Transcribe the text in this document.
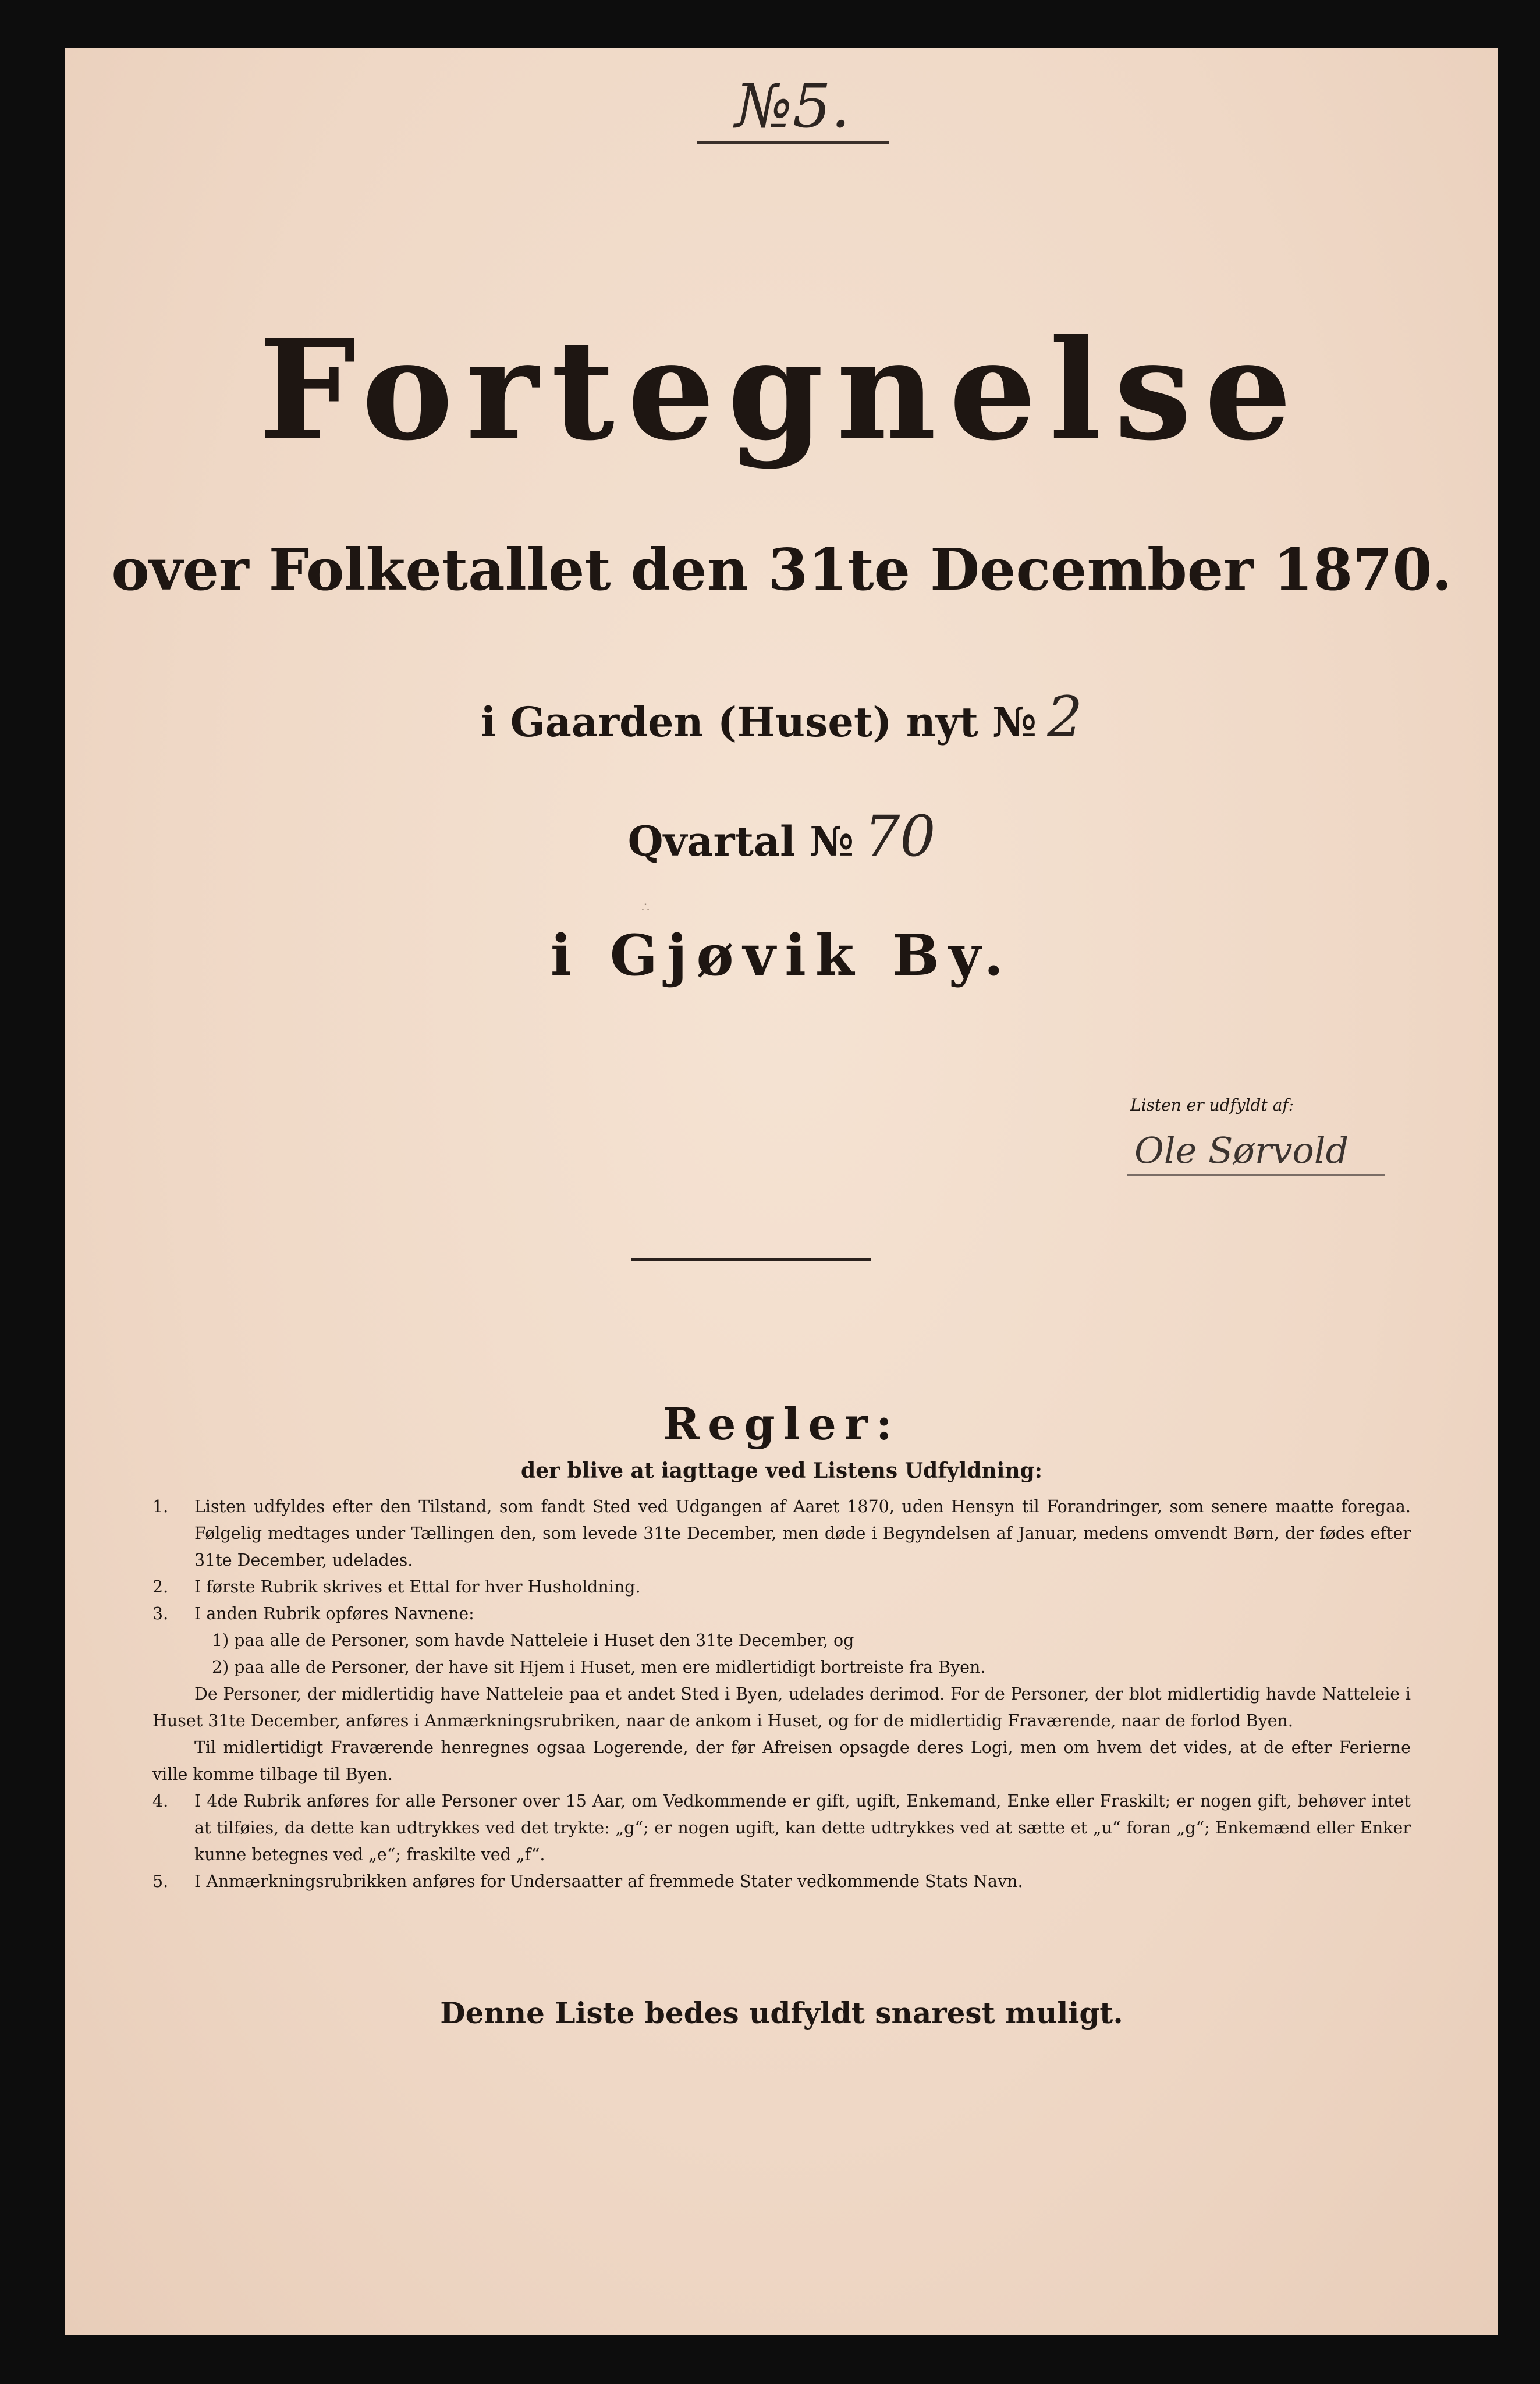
№5.
Fortegnelse
over Folketallet den 31te December 1870.
i Gaarden (Huset) nyt № 2
Qvartal № 70
∴
i Gjøvik By.
Listen er udfyldt af:
Ole Sørvold
Regler:
der blive at iagttage ved Listens Udfyldning:
1.	Listen udfyldes efter den Tilstand, som fandt Sted ved Udgangen af Aaret 1870, uden Hensyn til Forandringer, som senere maatte foregaa. Følgelig medtages under Tællingen den, som levede 31te December, men døde i Begyndelsen af Januar, medens omvendt Børn, der fødes efter 31te December, udelades.
2.	I første Rubrik skrives et Ettal for hver Husholdning.
3.	I anden Rubrik opføres Navnene:
1) paa alle de Personer, som havde Natteleie i Huset den 31te December, og
2) paa alle de Personer, der have sit Hjem i Huset, men ere midlertidigt bortreiste fra Byen.
De Personer, der midlertidig have Natteleie paa et andet Sted i Byen, udelades derimod. For de Personer, der blot midlertidig havde Natteleie i Huset 31te December, anføres i Anmærkningsrubriken, naar de ankom i Huset, og for de midlertidig Fraværende, naar de forlod Byen.
Til midlertidigt Fraværende henregnes ogsaa Logerende, der før Afreisen opsagde deres Logi, men om hvem det vides, at de efter Ferierne ville komme tilbage til Byen.
4.	I 4de Rubrik anføres for alle Personer over 15 Aar, om Vedkommende er gift, ugift, Enkemand, Enke eller Fraskilt; er nogen gift, behøver intet at tilføies, da dette kan udtrykkes ved det trykte: „g“; er nogen ugift, kan dette udtrykkes ved at sætte et „u“ foran „g“; Enkemænd eller Enker kunne betegnes ved „e“; fraskilte ved „f“.
5.	I Anmærkningsrubrikken anføres for Undersaatter af fremmede Stater vedkommende Stats Navn.
Denne Liste bedes udfyldt snarest muligt.
